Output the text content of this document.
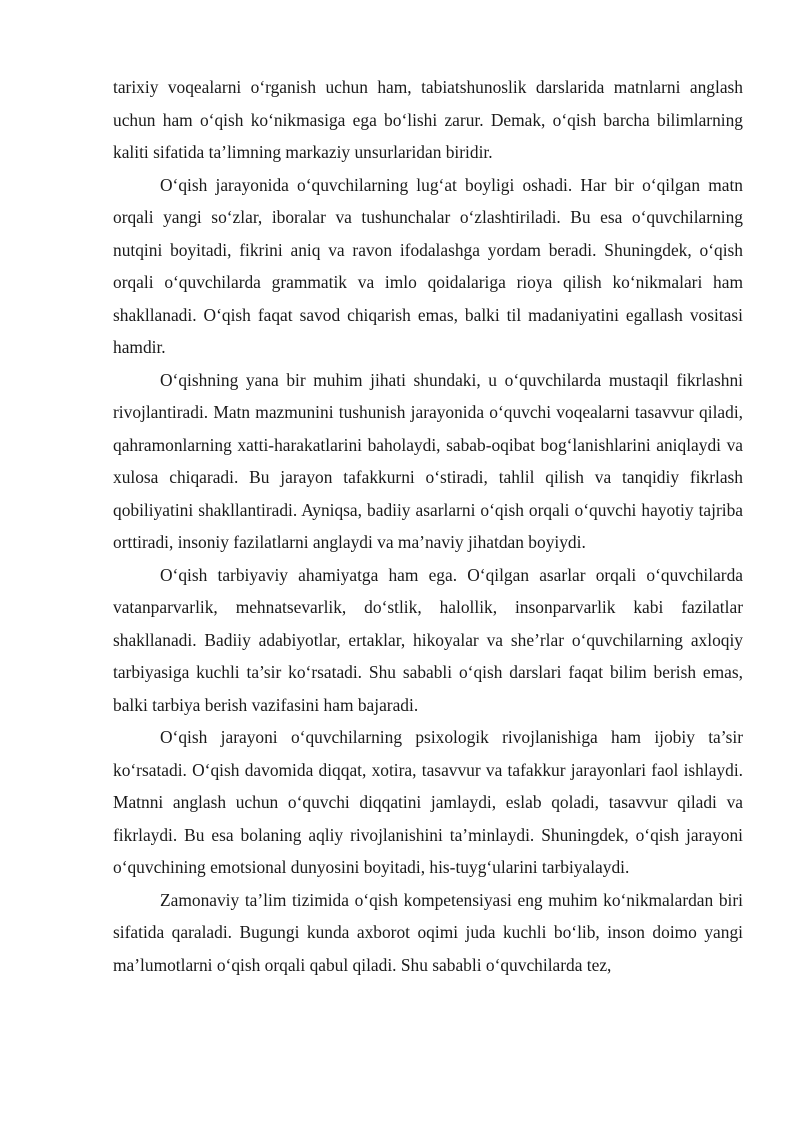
tarixiy voqealarni o‘rganish uchun ham, tabiatshunoslik darslarida matnlarni anglash uchun ham o‘qish ko‘nikmasiga ega bo‘lishi zarur. Demak, o‘qish barcha bilimlarning kaliti sifatida ta’limning markaziy unsurlaridan biridir.

O‘qish jarayonida o‘quvchilarning lug‘at boyligi oshadi. Har bir o‘qilgan matn orqali yangi so‘zlar, iboralar va tushunchalar o‘zlashtiriladi. Bu esa o‘quvchilarning nutqini boyitadi, fikrini aniq va ravon ifodalashga yordam beradi. Shuningdek, o‘qish orqali o‘quvchilarda grammatik va imlo qoidalariga rioya qilish ko‘nikmalari ham shakllanadi. O‘qish faqat savod chiqarish emas, balki til madaniyatini egallash vositasi hamdir.

O‘qishning yana bir muhim jihati shundaki, u o‘quvchilarda mustaqil fikrlashni rivojlantiradi. Matn mazmunini tushunish jarayonida o‘quvchi voqealarni tasavvur qiladi, qahramonlarning xatti-harakatlarini baholaydi, sabab-oqibat bog‘lanishlarini aniqlaydi va xulosa chiqaradi. Bu jarayon tafakkurni o‘stiradi, tahlil qilish va tanqidiy fikrlash qobiliyatini shakllantiradi. Ayniqsa, badiiy asarlarni o‘qish orqali o‘quvchi hayotiy tajriba orttiradi, insoniy fazilatlarni anglaydi va ma’naviy jihatdan boyiydi.

O‘qish tarbiyaviy ahamiyatga ham ega. O‘qilgan asarlar orqali o‘quvchilarda vatanparvarlik, mehnatsevarlik, do‘stlik, halollik, insonparvarlik kabi fazilatlar shakllanadi. Badiiy adabiyotlar, ertaklar, hikoyalar va she’rlar o‘quvchilarning axloqiy tarbiyasiga kuchli ta’sir ko‘rsatadi. Shu sababli o‘qish darslari faqat bilim berish emas, balki tarbiya berish vazifasini ham bajaradi.

O‘qish jarayoni o‘quvchilarning psixologik rivojlanishiga ham ijobiy ta’sir ko‘rsatadi. O‘qish davomida diqqat, xotira, tasavvur va tafakkur jarayonlari faol ishlaydi. Matnni anglash uchun o‘quvchi diqqatini jamlaydi, eslab qoladi, tasavvur qiladi va fikrlaydi. Bu esa bolaning aqliy rivojlanishini ta’minlaydi. Shuningdek, o‘qish jarayoni o‘quvchining emotsional dunyosini boyitadi, his-tuyg‘ularini tarbiyalaydi.

Zamonaviy ta’lim tizimida o‘qish kompetensiyasi eng muhim ko‘nikmalardan biri sifatida qaraladi. Bugungi kunda axborot oqimi juda kuchli bo‘lib, inson doimo yangi ma’lumotlarni o‘qish orqali qabul qiladi. Shu sababli o‘quvchilarda tez,
